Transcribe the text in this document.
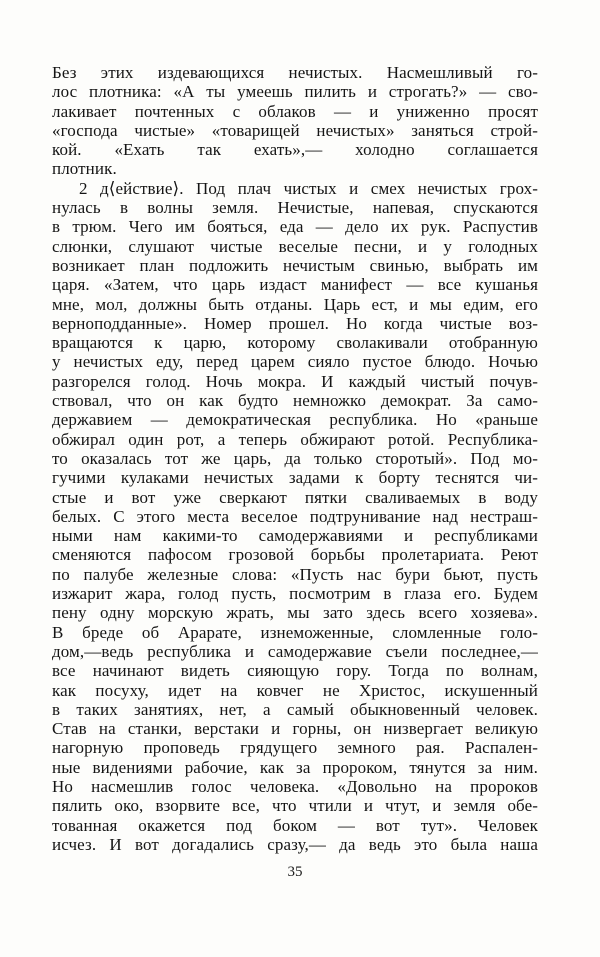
Без этих издевающихся нечистых. Насмешливый го-
лос плотника: «А ты умеешь пилить и строгать?» — сво-
лакивает почтенных с облаков — и униженно просят
«господа чистые» «товарищей нечистых» заняться строй-
кой. «Ехать так ехать»,— холодно соглашается
плотник.
2 д⟨ействие⟩. Под плач чистых и смех нечистых грох-
нулась в волны земля. Нечистые, напевая, спускаются
в трюм. Чего им бояться, еда — дело их рук. Распустив
слюнки, слушают чистые веселые песни, и у голодных
возникает план подложить нечистым свинью, выбрать им
царя. «Затем, что царь издаст манифест — все кушанья
мне, мол, должны быть отданы. Царь ест, и мы едим, его
верноподданные». Номер прошел. Но когда чистые воз-
вращаются к царю, которому сволакивали отобранную
у нечистых еду, перед царем сияло пустое блюдо. Ночью
разгорелся голод. Ночь мокра. И каждый чистый почув-
ствовал, что он как будто немножко демократ. За само-
державием — демократическая республика. Но «раньше
обжирал один рот, а теперь обжирают ротой. Республика-
то оказалась тот же царь, да только сторотый». Под мо-
гучими кулаками нечистых задами к борту теснятся чи-
стые и вот уже сверкают пятки сваливаемых в воду
белых. С этого места веселое подтрунивание над нестраш-
ными нам какими-то самодержавиями и республиками
сменяются пафосом грозовой борьбы пролетариата. Реют
по палубе железные слова: «Пусть нас бури бьют, пусть
изжарит жара, голод пусть, посмотрим в глаза его. Будем
пену одну морскую жрать, мы зато здесь всего хозяева».
В бреде об Арарате, изнеможенные, сломленные голо-
дом,—ведь республика и самодержавие съели последнее,—
все начинают видеть сияющую гору. Тогда по волнам,
как посуху, идет на ковчег не Христос, искушенный
в таких занятиях, нет, а самый обыкновенный человек.
Став на станки, верстаки и горны, он низвергает великую
нагорную проповедь грядущего земного рая. Распален-
ные видениями рабочие, как за пророком, тянутся за ним.
Но насмешлив голос человека. «Довольно на пророков
пялить око, взорвите все, что чтили и чтут, и земля обе-
тованная окажется под боком — вот тут». Человек
исчез. И вот догадались сразу,— да ведь это была наша
35
